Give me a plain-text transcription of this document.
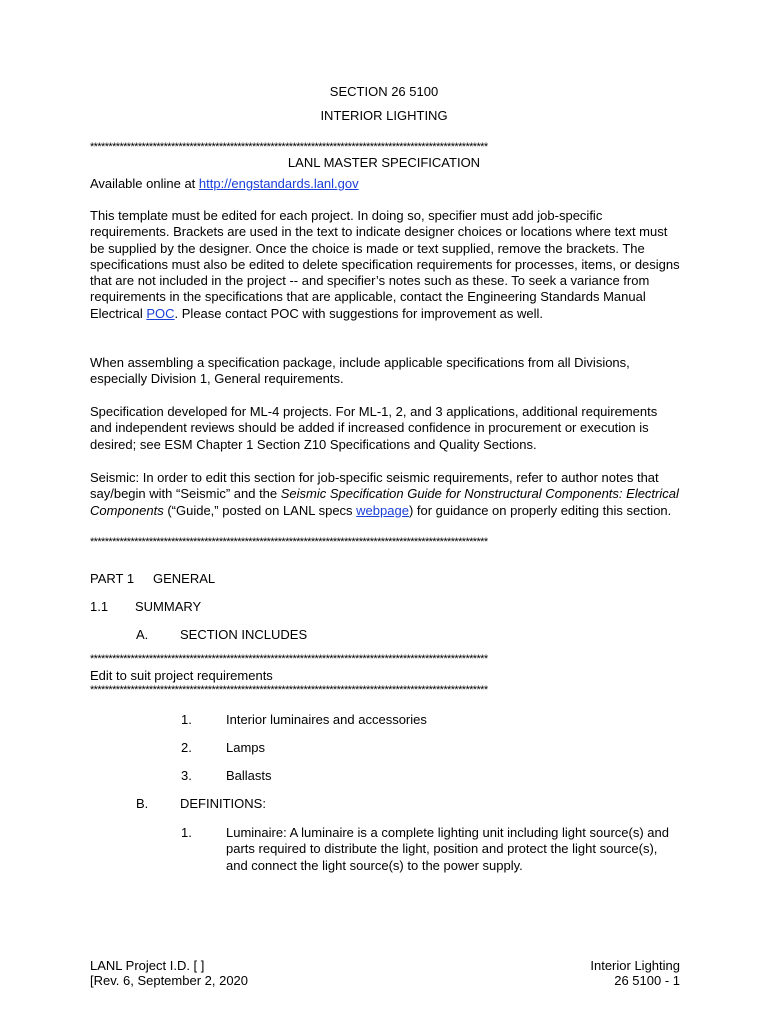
SECTION 26 5100
INTERIOR LIGHTING
************************************************************************************************************
LANL MASTER SPECIFICATION
Available online at http://engstandards.lanl.gov
This template must be edited for each project. In doing so, specifier must add job-specific requirements. Brackets are used in the text to indicate designer choices or locations where text must be supplied by the designer. Once the choice is made or text supplied, remove the brackets. The specifications must also be edited to delete specification requirements for processes, items, or designs that are not included in the project -- and specifier’s notes such as these. To seek a variance from requirements in the specifications that are applicable, contact the Engineering Standards Manual Electrical POC. Please contact POC with suggestions for improvement as well.
When assembling a specification package, include applicable specifications from all Divisions, especially Division 1, General requirements.
Specification developed for ML-4 projects. For ML-1, 2, and 3 applications, additional requirements and independent reviews should be added if increased confidence in procurement or execution is desired; see ESM Chapter 1 Section Z10 Specifications and Quality Sections.
Seismic: In order to edit this section for job-specific seismic requirements, refer to author notes that say/begin with “Seismic” and the Seismic Specification Guide for Nonstructural Components: Electrical Components (“Guide,” posted on LANL specs webpage) for guidance on properly editing this section.
************************************************************************************************************
PART 1 GENERAL
1.1 SUMMARY
A. SECTION INCLUDES
************************************************************************************************************
Edit to suit project requirements
************************************************************************************************************
1.	Interior luminaires and accessories
2.	Lamps
3.	Ballasts
B. DEFINITIONS:
1.	Luminaire: A luminaire is a complete lighting unit including light source(s) and parts required to distribute the light, position and protect the light source(s), and connect the light source(s) to the power supply.
LANL Project I.D. [ ]
[Rev. 6, September 2, 2020
Interior Lighting
26 5100 - 1
